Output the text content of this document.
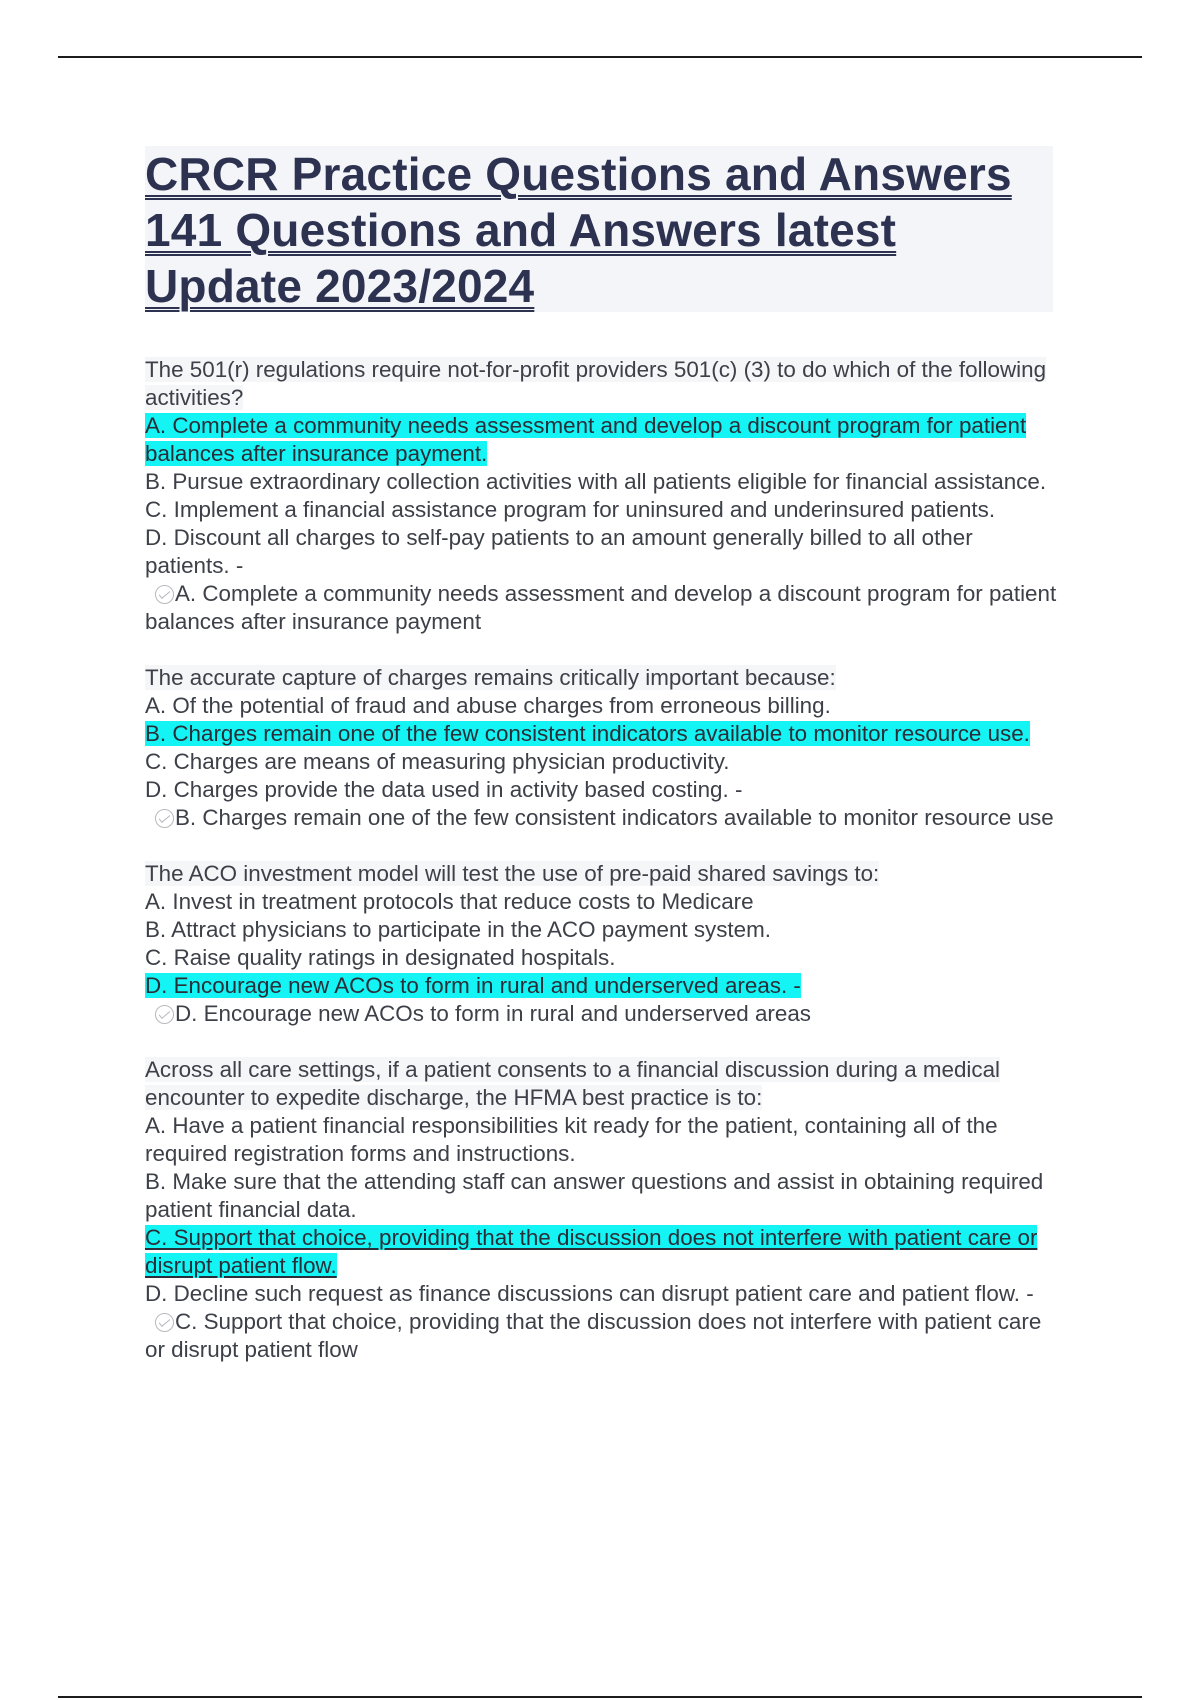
CRCR Practice Questions and Answers
141 Questions and Answers latest
Update 2023/2024
The 501(r) regulations require not-for-profit providers 501(c) (3) to do which of the following activities?
A. Complete a community needs assessment and develop a discount program for patient balances after insurance payment.
B. Pursue extraordinary collection activities with all patients eligible for financial assistance.
C. Implement a financial assistance program for uninsured and underinsured patients.
D. Discount all charges to self-pay patients to an amount generally billed to all other patients. -
A. Complete a community needs assessment and develop a discount program for patient balances after insurance payment
The accurate capture of charges remains critically important because:
A. Of the potential of fraud and abuse charges from erroneous billing.
B. Charges remain one of the few consistent indicators available to monitor resource use.
C. Charges are means of measuring physician productivity.
D. Charges provide the data used in activity based costing. -
B. Charges remain one of the few consistent indicators available to monitor resource use
The ACO investment model will test the use of pre-paid shared savings to:
A. Invest in treatment protocols that reduce costs to Medicare
B. Attract physicians to participate in the ACO payment system.
C. Raise quality ratings in designated hospitals.
D. Encourage new ACOs to form in rural and underserved areas. -
D. Encourage new ACOs to form in rural and underserved areas
Across all care settings, if a patient consents to a financial discussion during a medical encounter to expedite discharge, the HFMA best practice is to:
A. Have a patient financial responsibilities kit ready for the patient, containing all of the required registration forms and instructions.
B. Make sure that the attending staff can answer questions and assist in obtaining required patient financial data.
C. Support that choice, providing that the discussion does not interfere with patient care or disrupt patient flow.
D. Decline such request as finance discussions can disrupt patient care and patient flow. -
C. Support that choice, providing that the discussion does not interfere with patient care or disrupt patient flow
